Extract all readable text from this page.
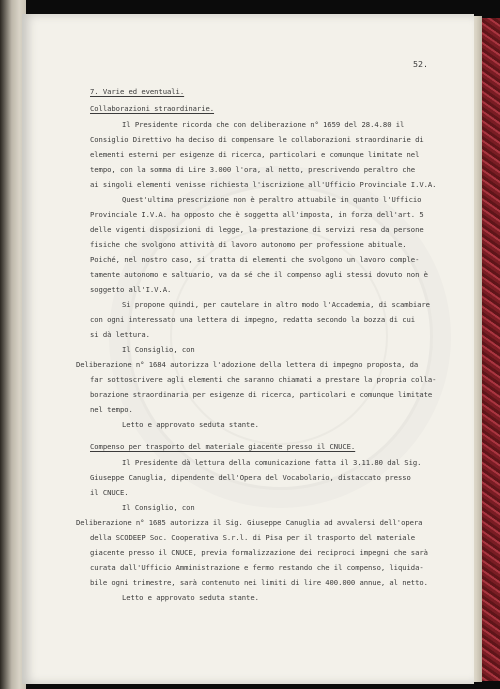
52.
7. Varie ed eventuali.
Collaborazioni straordinarie.
Il Presidente ricorda che con deliberazione n° 1659 del 28.4.80 il
Consiglio Direttivo ha deciso di compensare le collaborazioni straordinarie di
elementi esterni per esigenze di ricerca, particolari e comunque limitate nel
tempo, con la somma di Lire 3.000 l'ora, al netto, prescrivendo peraltro che
ai singoli elementi venisse richiesta l'iscrizione all'Ufficio Provinciale I.V.A.
Quest'ultima prescrizione non è peraltro attuabile in quanto l'Ufficio
Provinciale I.V.A. ha opposto che è soggetta all'imposta, in forza dell'art. 5
delle vigenti disposizioni di legge, la prestazione di servizi resa da persone
fisiche che svolgono attività di lavoro autonomo per professione abituale.
Poiché, nel nostro caso, si tratta di elementi che svolgono un lavoro comple-
tamente autonomo e saltuario, va da sé che il compenso agli stessi dovuto non è
soggetto all'I.V.A.
Si propone quindi, per cautelare in altro modo l'Accademia, di scambiare
con ogni interessato una lettera di impegno, redatta secondo la bozza di cui
si dà lettura.
Il Consiglio, con
Deliberazione n° 1684 autorizza l'adozione della lettera di impegno proposta, da
far sottoscrivere agli elementi che saranno chiamati a prestare la propria colla-
borazione straordinaria per esigenze di ricerca, particolari e comunque limitate
nel tempo.
Letto e approvato seduta stante.
Compenso per trasporto del materiale giacente presso il CNUCE.
Il Presidente dà lettura della comunicazione fatta il 3.11.80 dal Sig.
Giuseppe Canuglia, dipendente dell'Opera del Vocabolario, distaccato presso
il CNUCE.
Il Consiglio, con
Deliberazione n° 1685 autorizza il Sig. Giuseppe Canuglia ad avvalersi dell'opera
della SCODEEP Soc. Cooperativa S.r.l. di Pisa per il trasporto del materiale
giacente presso il CNUCE, previa formalizzazione dei reciproci impegni che sarà
curata dall'Ufficio Amministrazione e fermo restando che il compenso, liquida-
bile ogni trimestre, sarà contenuto nei limiti di lire 400.000 annue, al netto.
Letto e approvato seduta stante.
